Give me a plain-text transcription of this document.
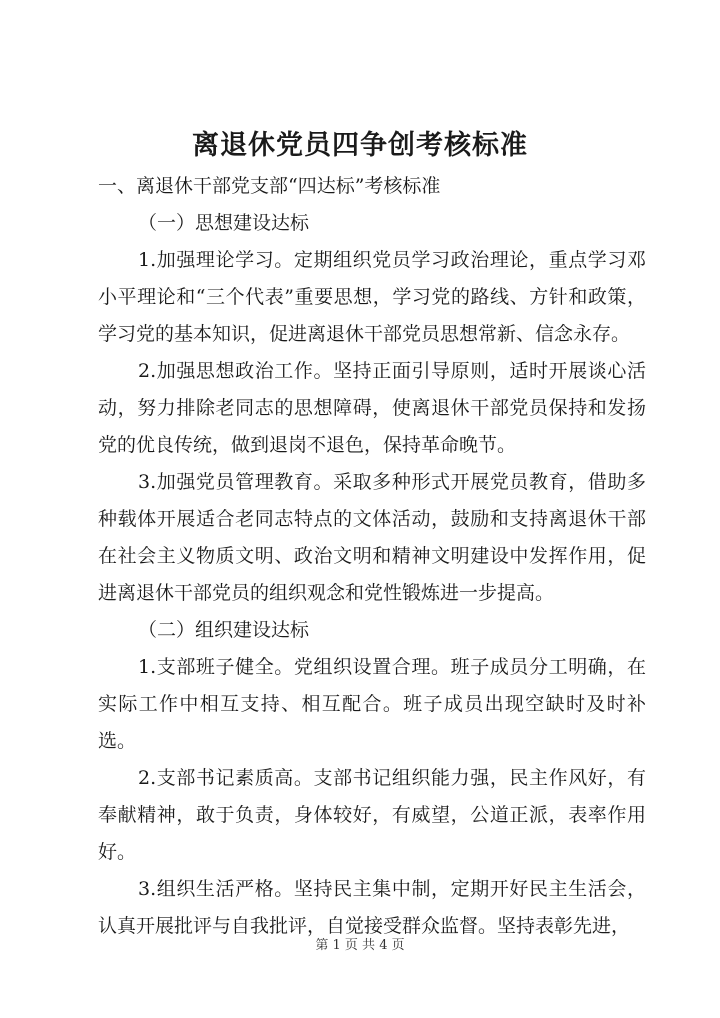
离退休党员四争创考核标准
一、离退休干部党支部“四达标”考核标准
（一）思想建设达标

1.加强理论学习。定期组织党员学习政治理论，重点学习邓小平理论和“三个代表”重要思想，学习党的路线、方针和政策，学习党的基本知识，促进离退休干部党员思想常新、信念永存。

2.加强思想政治工作。坚持正面引导原则，适时开展谈心活动，努力排除老同志的思想障碍，使离退休干部党员保持和发扬党的优良传统，做到退岗不退色，保持革命晚节。

3.加强党员管理教育。采取多种形式开展党员教育，借助多种载体开展适合老同志特点的文体活动，鼓励和支持离退休干部在社会主义物质文明、政治文明和精神文明建设中发挥作用，促进离退休干部党员的组织观念和党性锻炼进一步提高。

（二）组织建设达标

1.支部班子健全。党组织设置合理。班子成员分工明确，在实际工作中相互支持、相互配合。班子成员出现空缺时及时补选。

2.支部书记素质高。支部书记组织能力强，民主作风好，有奉献精神，敢于负责，身体较好，有威望，公道正派，表率作用好。

3.组织生活严格。坚持民主集中制，定期开好民主生活会，认真开展批评与自我批评，自觉接受群众监督。坚持表彰先进，

第 1 页 共 4 页
